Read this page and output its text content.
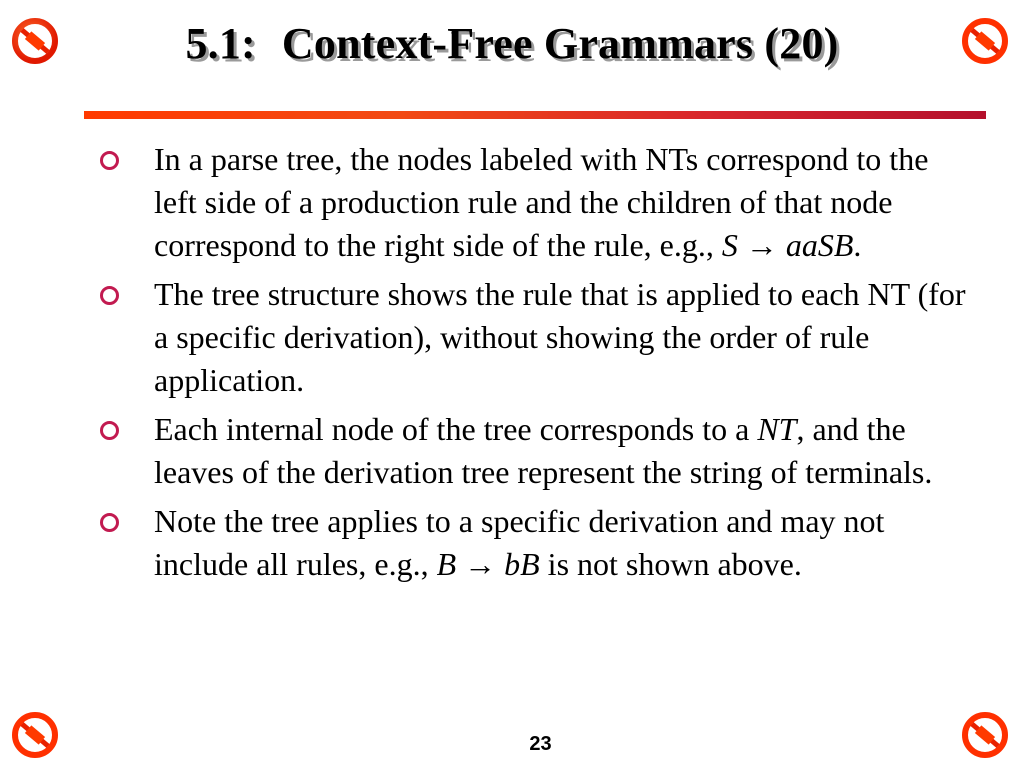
5.1: Context-Free Grammars (20)
In a parse tree, the nodes labeled with NTs correspond to the left side of a production rule and the children of that node correspond to the right side of the rule, e.g., S → aaSB.
The tree structure shows the rule that is applied to each NT (for a specific derivation), without showing the order of rule application.
Each internal node of the tree corresponds to a NT, and the leaves of the derivation tree represent the string of terminals.
Note the tree applies to a specific derivation and may not include all rules, e.g., B → bB is not shown above.
23
